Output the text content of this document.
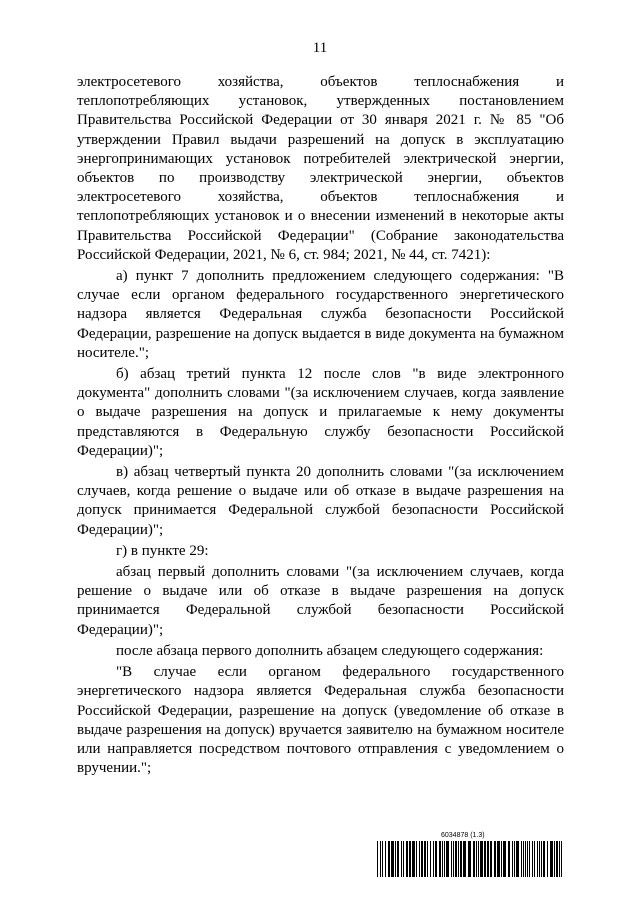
11

электросетевого хозяйства, объектов теплоснабжения и теплопотребляющих установок, утвержденных постановлением Правительства Российской Федерации от 30 января 2021 г. № 85 "Об утверждении Правил выдачи разрешений на допуск в эксплуатацию энергопринимающих установок потребителей электрической энергии, объектов по производству электрической энергии, объектов электросетевого хозяйства, объектов теплоснабжения и теплопотребляющих установок и о внесении изменений в некоторые акты Правительства Российской Федерации" (Собрание законодательства Российской Федерации, 2021, № 6, ст. 984; 2021, № 44, ст. 7421):

а) пункт 7 дополнить предложением следующего содержания: "В случае если органом федерального государственного энергетического надзора является Федеральная служба безопасности Российской Федерации, разрешение на допуск выдается в виде документа на бумажном носителе.";

б) абзац третий пункта 12 после слов "в виде электронного документа" дополнить словами "(за исключением случаев, когда заявление о выдаче разрешения на допуск и прилагаемые к нему документы представляются в Федеральную службу безопасности Российской Федерации)";

в) абзац четвертый пункта 20 дополнить словами "(за исключением случаев, когда решение о выдаче или об отказе в выдаче разрешения на допуск принимается Федеральной службой безопасности Российской Федерации)";

г) в пункте 29:

абзац первый дополнить словами "(за исключением случаев, когда решение о выдаче или об отказе в выдаче разрешения на допуск принимается Федеральной службой безопасности Российской Федерации)";

после абзаца первого дополнить абзацем следующего содержания:

"В случае если органом федерального государственного энергетического надзора является Федеральная служба безопасности Российской Федерации, разрешение на допуск (уведомление об отказе в выдаче разрешения на допуск) вручается заявителю на бумажном носителе или направляется посредством почтового отправления с уведомлением о вручении.";

6034878 (1.3)
